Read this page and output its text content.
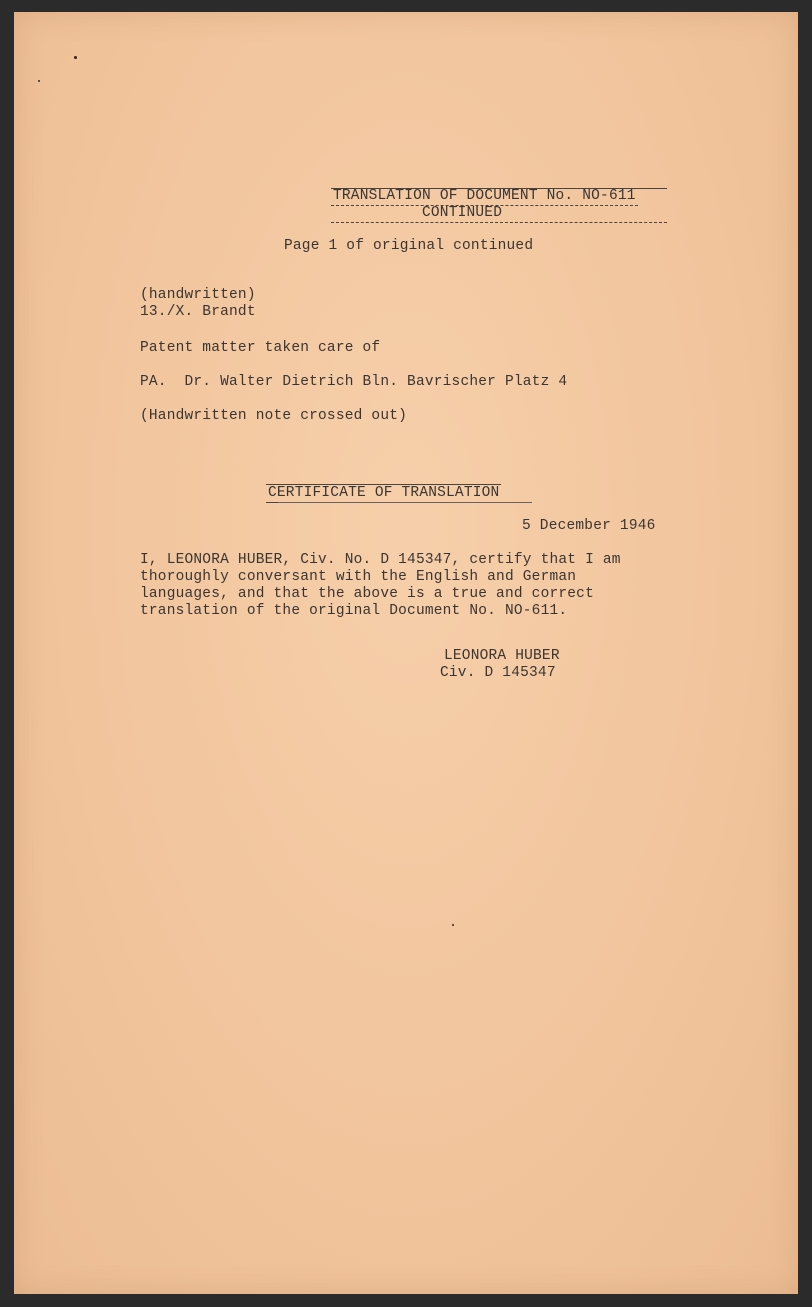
TRANSLATION OF DOCUMENT No. NO-611
CONTINUED
Page 1 of original continued
(handwritten)
13./X. Brandt
Patent matter taken care of
PA.  Dr. Walter Dietrich Bln. Bavrischer Platz 4
(Handwritten note crossed out)
CERTIFICATE OF TRANSLATION
5 December 1946
I, LEONORA HUBER, Civ. No. D 145347, certify that I am
thoroughly conversant with the English and German
languages, and that the above is a true and correct
translation of the original Document No. NO-611.
LEONORA HUBER
Civ. D 145347
